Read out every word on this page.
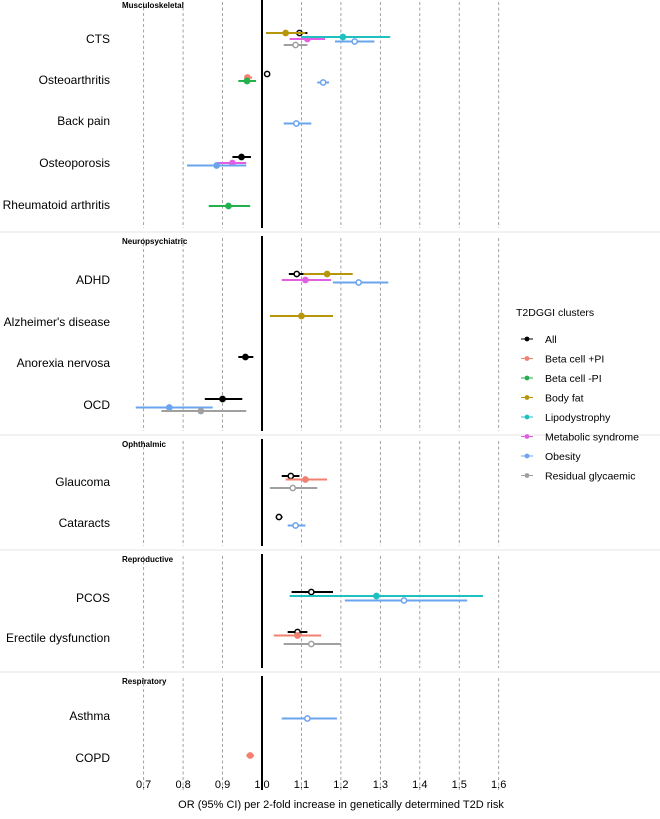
Musculoskeletal
CTS
Osteoarthritis
Back pain
Osteoporosis
Rheumatoid arthritis
Neuropsychiatric
ADHD
Alzheimer's disease
Anorexia nervosa
OCD
Ophthalmic
Glaucoma
Cataracts
Reproductive
PCOS
Erectile dysfunction
Respiratory
Asthma
COPD
0.7 0.8 0.9 1.0 1.1 1.2 1.3 1.4 1.5 1.6
OR (95% CI) per 2-fold increase in genetically determined T2D risk
T2DGGI clusters
All
Beta cell +PI
Beta cell -PI
Body fat
Lipodystrophy
Metabolic syndrome
Obesity
Residual glycaemic
